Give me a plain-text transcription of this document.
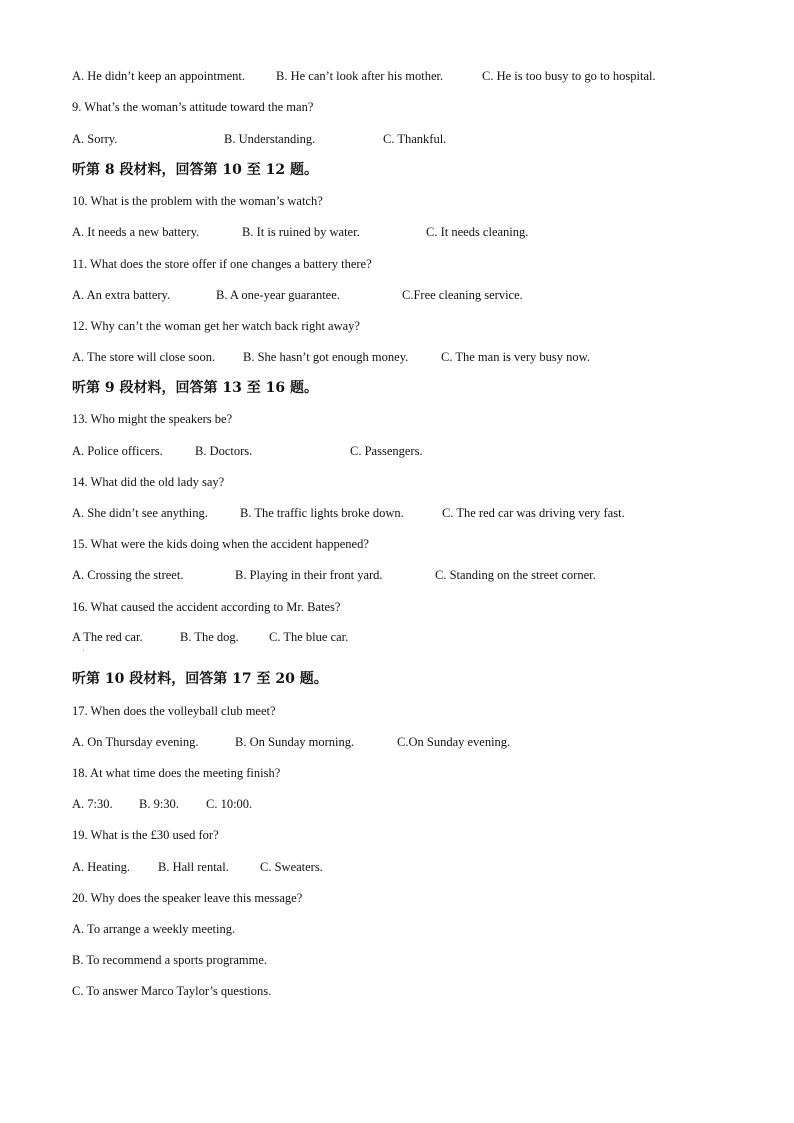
A. He didn’t keep an appointment. B. He can’t look after his mother.	C. He is too busy to go to hospital.
9. What’s the woman’s attitude toward the man?
A. Sorry.	B. Understanding.	C. Thankful.
听第 8 段材料，回答第 10 至 12 题。
10. What is the problem with the woman’s watch?
A. It needs a new battery.	B. It is ruined by water.	C. It needs cleaning.
11. What does the store offer if one changes a battery there?
A. An extra battery.	B. A one-year guarantee.	C.Free cleaning service.
12. Why can’t the woman get her watch back right away?
A. The store will close soon. B. She hasn’t got enough money.	C. The man is very busy now.
听第 9 段材料，回答第 13 至 16 题。
13. Who might the speakers be?
A. Police officers.	B. Doctors.	C. Passengers.
14. What did the old lady say?
A. She didn’t see anything.	B. The traffic lights broke down.	C. The red car was driving very fast.
15. What were the kids doing when the accident happened?
A. Crossing the street.	B. Playing in their front yard.	C. Standing on the street corner.
16. What caused the accident according to Mr. Bates?
A The red car.	B. The dog. C. The blue car.
˙
听第 10 段材料，回答第 17 至 20 题。
17. When does the volleyball club meet?
A. On Thursday evening.	B. On Sunday morning.	C.On Sunday evening.
18. At what time does the meeting finish?
A. 7:30. B. 9:30. C. 10:00.
19. What is the £30 used for?
A. Heating. B. Hall rental. C. Sweaters.
20. Why does the speaker leave this message?
A. To arrange a weekly meeting.
B. To recommend a sports programme.
C. To answer Marco Taylor’s questions.
